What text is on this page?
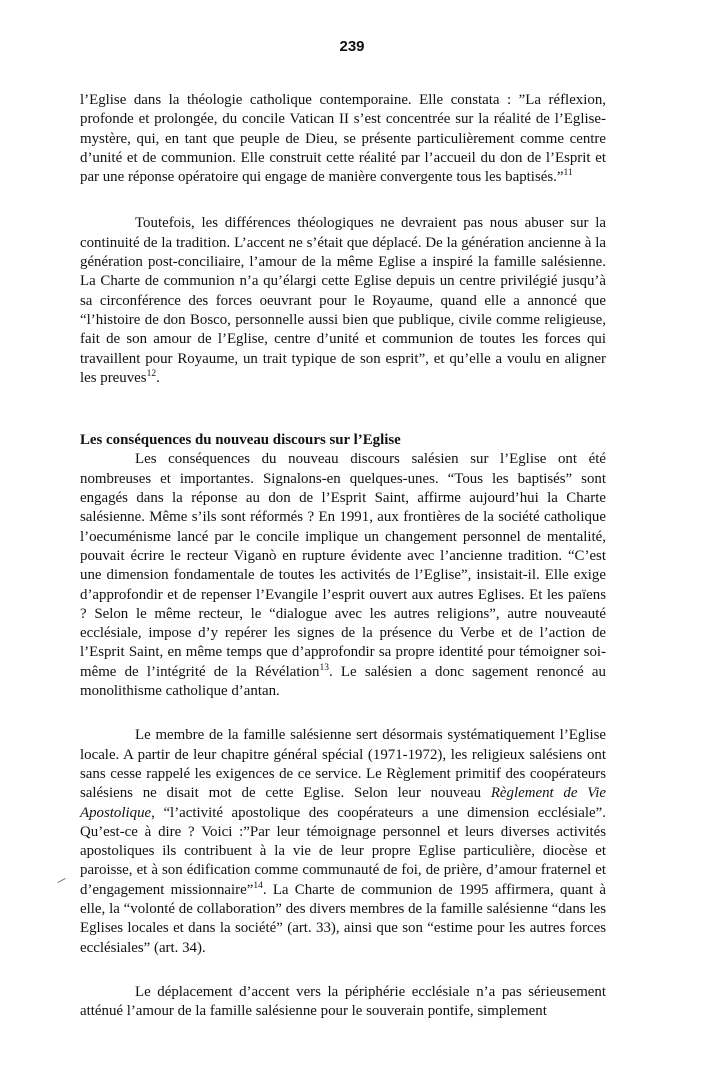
239

l’Eglise dans la théologie catholique contemporaine. Elle constata : ”La réflexion, profonde et prolongée, du concile Vatican II s’est concentrée sur la réalité de l’Eglise-mystère, qui, en tant que peuple de Dieu, se présente particulièrement comme centre d’unité et de communion. Elle construit cette réalité par l’accueil du don de l’Esprit et par une réponse opératoire qui engage de manière convergente tous les baptisés.”$^{11}$

Toutefois, les différences théologiques ne devraient pas nous abuser sur la continuité de la tradition. L’accent ne s’était que déplacé. De la génération ancienne à la génération post-conciliaire, l’amour de la même Eglise a inspiré la famille salésienne. La Charte de communion n’a qu’élargi cette Eglise depuis un centre privilégié jusqu’à sa circonférence des forces oeuvrant pour le Royaume, quand elle a annoncé que “l’histoire de don Bosco, personnelle aussi bien que publique, civile comme religieuse, fait de son amour de l’Eglise, centre d’unité et communion de toutes les forces qui travaillent pour Royaume, un trait typique de son esprit”, et qu’elle a voulu en aligner les preuves$^{12}$.

Les conséquences du nouveau discours sur l’Eglise

Les conséquences du nouveau discours salésien sur l’Eglise ont été nombreuses et importantes. Signalons-en quelques-unes. “Tous les baptisés” sont engagés dans la réponse au don de l’Esprit Saint, affirme aujourd’hui la Charte salésienne. Même s’ils sont réformés ? En 1991, aux frontières de la société catholique l’oecuménisme lancé par le concile implique un changement personnel de mentalité, pouvait écrire le recteur Viganò en rupture évidente avec l’ancienne tradition. “C’est une dimension fondamentale de toutes les activités de l’Eglise”, insistait-il. Elle exige d’approfondir et de repenser l’Evangile l’esprit ouvert aux autres Eglises. Et les païens ? Selon le même recteur, le “dialogue avec les autres religions”, autre nouveauté ecclésiale, impose d’y repérer les signes de la présence du Verbe et de l’action de l’Esprit Saint, en même temps que d’approfondir sa propre identité pour témoigner soi-même de l’intégrité de la Révélation$^{13}$. Le salésien a donc sagement renoncé au monolithisme catholique d’antan.

Le membre de la famille salésienne sert désormais systématiquement l’Eglise locale. A partir de leur chapitre général spécial (1971-1972), les religieux salésiens ont sans cesse rappelé les exigences de ce service. Le Règlement primitif des coopérateurs salésiens ne disait mot de cette Eglise. Selon leur nouveau Règlement de Vie Apostolique, “l’activité apostolique des coopérateurs a une dimension ecclésiale”. Qu’est-ce à dire ? Voici :”Par leur témoignage personnel et leurs diverses activités apostoliques ils contribuent à la vie de leur propre Eglise particulière, diocèse et paroisse, et à son édification comme communauté de foi, de prière, d’amour fraternel et d’engagement missionnaire”$^{14}$. La Charte de communion de 1995 affirmera, quant à elle, la “volonté de collaboration” des divers membres de la famille salésienne “dans les Eglises locales et dans la société” (art. 33), ainsi que son “estime pour les autres forces ecclésiales” (art. 34).

Le déplacement d’accent vers la périphérie ecclésiale n’a pas sérieusement atténué l’amour de la famille salésienne pour le souverain pontife, simplement
